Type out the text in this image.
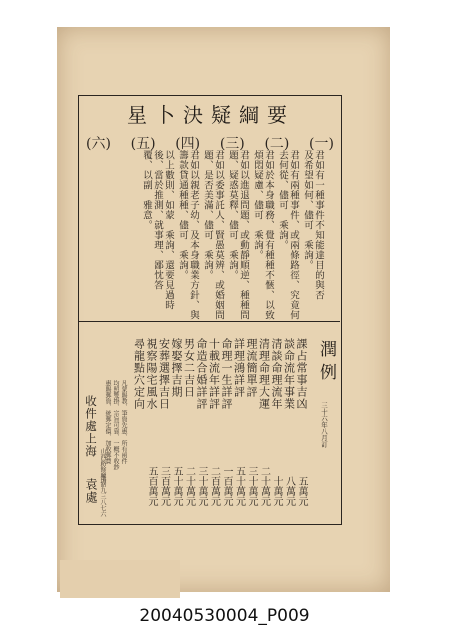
星卜決疑綱要
(一)
(二)
(三)
(四)
(五)
(六)
君如有一種事件不知能達目的與否
及希望如何、儘可　乘詢。
君如有兩種事件、或兩條路徑、究竟何
去何從、儘可　乘詢。
君如於本身職務、覺有種種不愜、以致
煩悶疑慮、儘可　乘詢。
君如以進退問題、或動靜順逆、種種問
題、疑惑莫釋、儘可　乘詢。
君如以委事託人、賢愚莫辨、或婚姻問
題、是否美滿、儘可　乘詢。
君如以親老子幼、及本身職業方針、與
籌款貸通種種、儘可　乘詢。
以上數則、如蒙　乘詢、還要見過時
後、當於推測、就事理、鄙忱答
覆、以副　雅意。
潤例
三十六年八月訂
課占常事吉凶
五萬元
談命流年事業
八萬元
清談命理流年
十萬元
清理命理大運
二十萬元
理流簡單評
三十萬元
詳理鴻詳評
五十萬元
命理一生詳評
一百萬元
十載流年詳評
二百萬元
命造合婚詳評
三十萬元
男女二吉日
二十萬元
嫁娶擇吉期
五十萬元
安葬選擇吉日
三百萬元
視察陽宅風水
五百萬元
尋龍點穴定向
凡蒙賜教、筆資先惠、所有函件
均照雙掛、宗旨可靠、一概不收鈔
惠賜郵資、統郵定價、加收郵費
收件處上海
山西路餘慶坊
電話九三八七六
袁處
20040530004_P009
